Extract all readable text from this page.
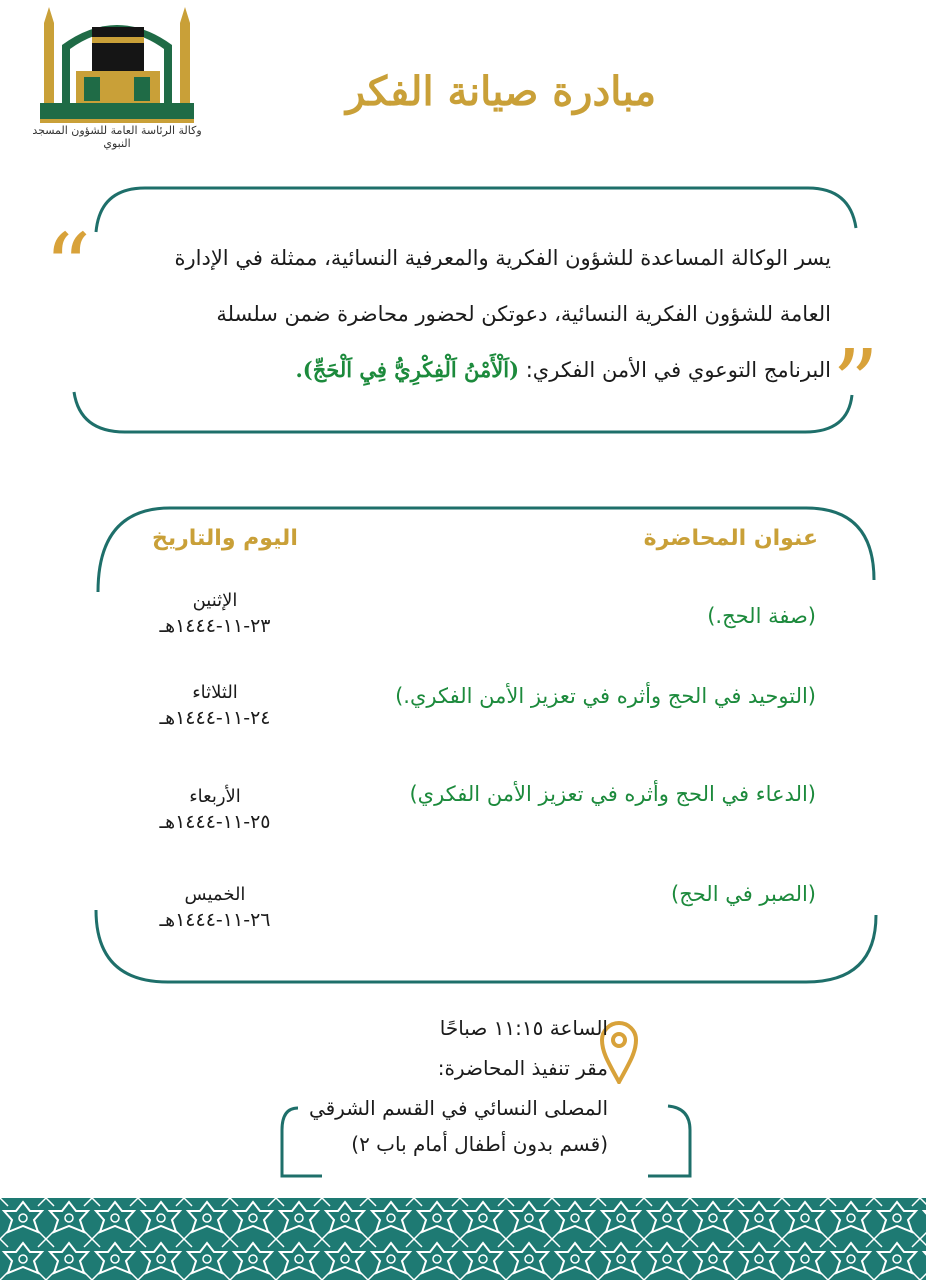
وكالة الرئاسة العامة للشؤون المسجد النبوي
مبادرة صيانة الفكر
“
”
يسر الوكالة المساعدة للشؤون الفكرية والمعرفية النسائية، ممثلة في الإدارة
العامة للشؤون الفكرية النسائية، دعوتكن لحضور محاضرة ضمن سلسلة
البرنامج التوعوي في الأمن الفكري: (اَلْأَمْنُ اَلْفِكْرِيُّ فِيِ اَلْحَجِّ).
عنوان المحاضرة
اليوم والتاريخ
(صفة الحج.)
الإثنين
٢٣-١١-١٤٤٤هـ
(التوحيد في الحج وأثره في تعزيز الأمن الفكري.)
الثلاثاء
٢٤-١١-١٤٤٤هـ
(الدعاء في الحج وأثره في تعزيز الأمن الفكري)
الأربعاء
٢٥-١١-١٤٤٤هـ
(الصبر في الحج)
الخميس
٢٦-١١-١٤٤٤هـ
الساعة ١١:١٥ صباحًا
مقر تنفيذ المحاضرة:
المصلى النسائي في القسم الشرقي
(قسم بدون أطفال أمام باب ٢)
